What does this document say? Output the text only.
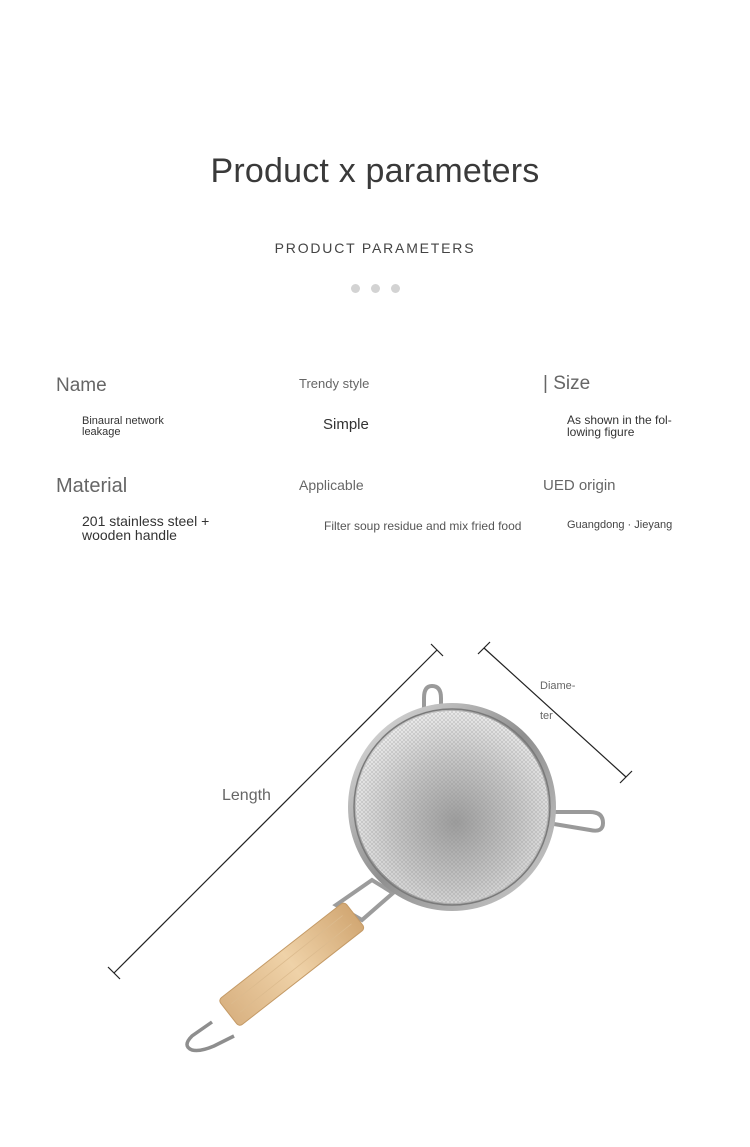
Product x parameters
PRODUCT PARAMETERS
Name
Binaural network leakage
Trendy style
Simple
| Size
As shown in the fol- lowing figure
Material
201 stainless steel + wooden handle
Applicable
Filter soup residue and mix fried food
UED origin
Guangdong · Jieyang
Length
Diame-
ter
